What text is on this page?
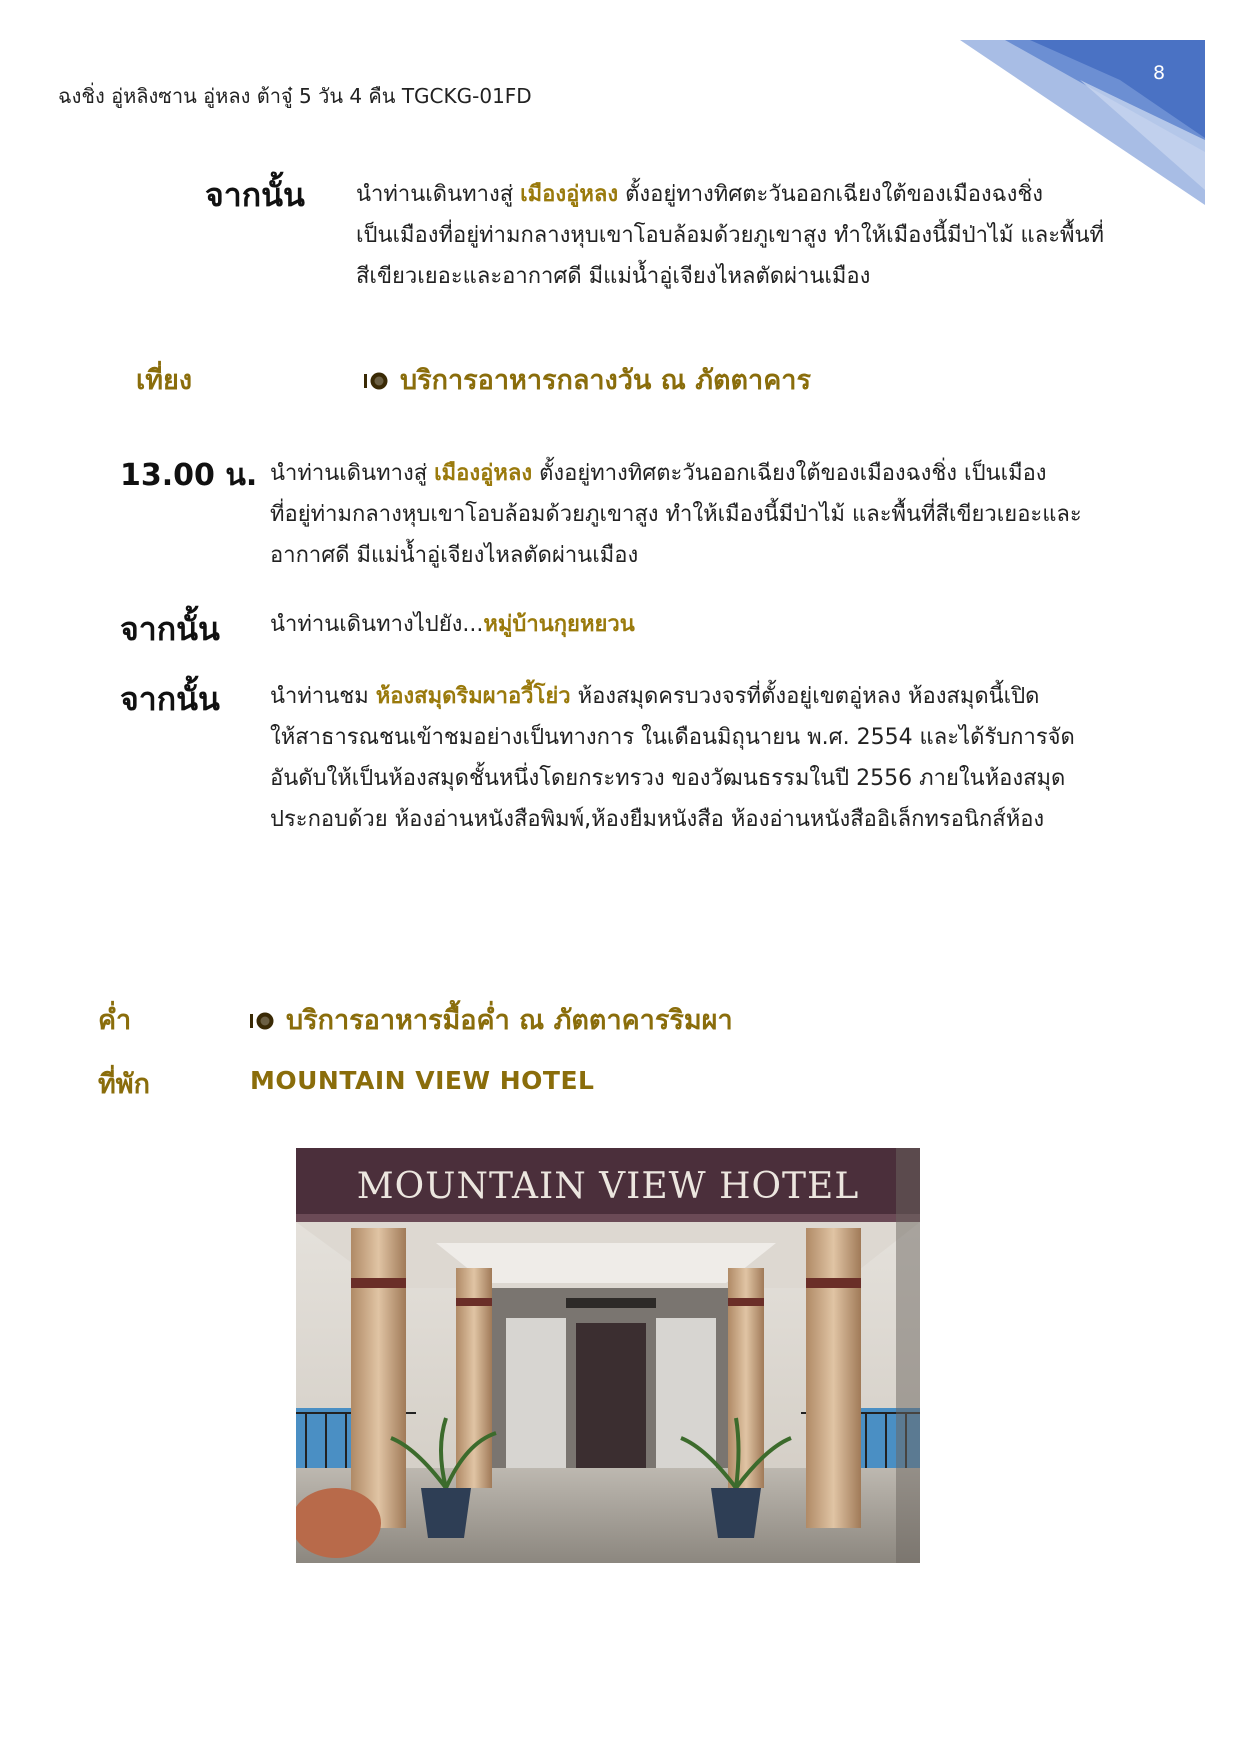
ฉงชิ่ง อู่หลิงซาน อู่หลง ต้าจู๋ 5 วัน 4 คืน TGCKG-01FD
8
จากนั้น นำท่านเดินทางสู่ เมืองอู่หลง ตั้งอยู่ทางทิศตะวันออกเฉียงใต้ของเมืองฉงชิ่ง
เป็นเมืองที่อยู่ท่ามกลางหุบเขาโอบล้อมด้วยภูเขาสูง ทำให้เมืองนี้มีป่าไม้ และพื้นที่
สีเขียวเยอะและอากาศดี มีแม่น้ำอู่เจียงไหลตัดผ่านเมือง
เที่ยง	บริการอาหารกลางวัน ณ ภัตตาคาร
13.00 น. นำท่านเดินทางสู่ เมืองอู่หลง ตั้งอยู่ทางทิศตะวันออกเฉียงใต้ของเมืองฉงชิ่ง เป็นเมือง
ที่อยู่ท่ามกลางหุบเขาโอบล้อมด้วยภูเขาสูง ทำให้เมืองนี้มีป่าไม้ และพื้นที่สีเขียวเยอะและ
อากาศดี มีแม่น้ำอู่เจียงไหลตัดผ่านเมือง
จากนั้น นำท่านเดินทางไปยัง...หมู่บ้านกุยหยวน
จากนั้น นำท่านชม ห้องสมุดริมผาอวี้โย่ว ห้องสมุดครบวงจรที่ตั้งอยู่เขตอู่หลง ห้องสมุดนี้เปิด
ให้สาธารณชนเข้าชมอย่างเป็นทางการ ในเดือนมิถุนายน พ.ศ. 2554 และได้รับการจัด
อันดับให้เป็นห้องสมุดชั้นหนึ่งโดยกระทรวง ของวัฒนธรรมในปี 2556 ภายในห้องสมุด
ประกอบด้วย ห้องอ่านหนังสือพิมพ์,ห้องยืมหนังสือ ห้องอ่านหนังสืออิเล็กทรอนิกส์ห้อง
ค่ำ	บริการอาหารมื้อค่ำ ณ ภัตตาคารริมผา
ที่พัก	MOUNTAIN VIEW HOTEL
MOUNTAIN VIEW HOTEL
